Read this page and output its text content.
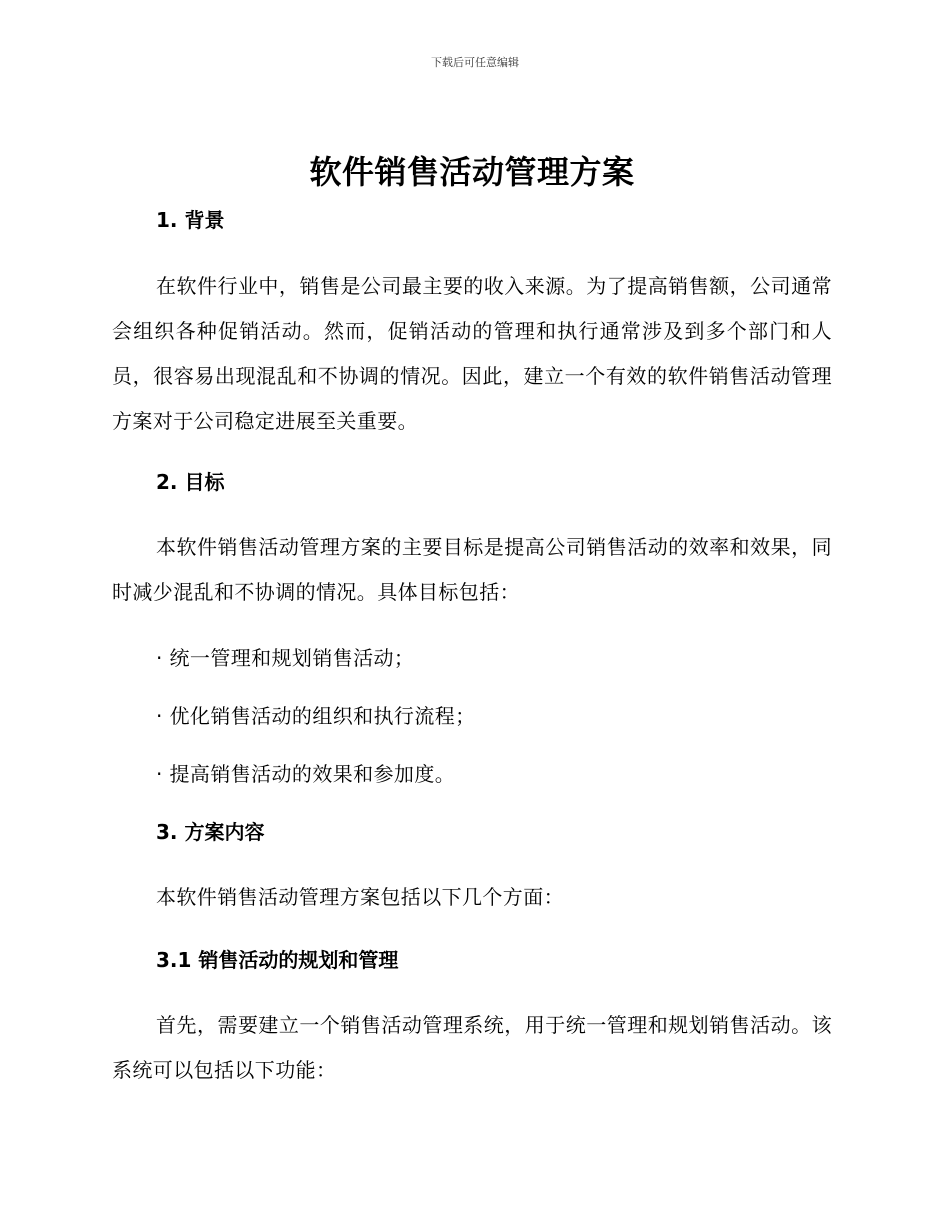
下载后可任意编辑
软件销售活动管理方案
1. 背景

在软件行业中，销售是公司最主要的收入来源。为了提高销售额，公司通常会组织各种促销活动。然而，促销活动的管理和执行通常涉及到多个部门和人员，很容易出现混乱和不协调的情况。因此，建立一个有效的软件销售活动管理方案对于公司稳定进展至关重要。

2. 目标

本软件销售活动管理方案的主要目标是提高公司销售活动的效率和效果，同时减少混乱和不协调的情况。具体目标包括：

· 统一管理和规划销售活动；
· 优化销售活动的组织和执行流程；
· 提高销售活动的效果和参加度。
3. 方案内容

本软件销售活动管理方案包括以下几个方面：

3.1 销售活动的规划和管理

首先，需要建立一个销售活动管理系统，用于统一管理和规划销售活动。该系统可以包括以下功能：
